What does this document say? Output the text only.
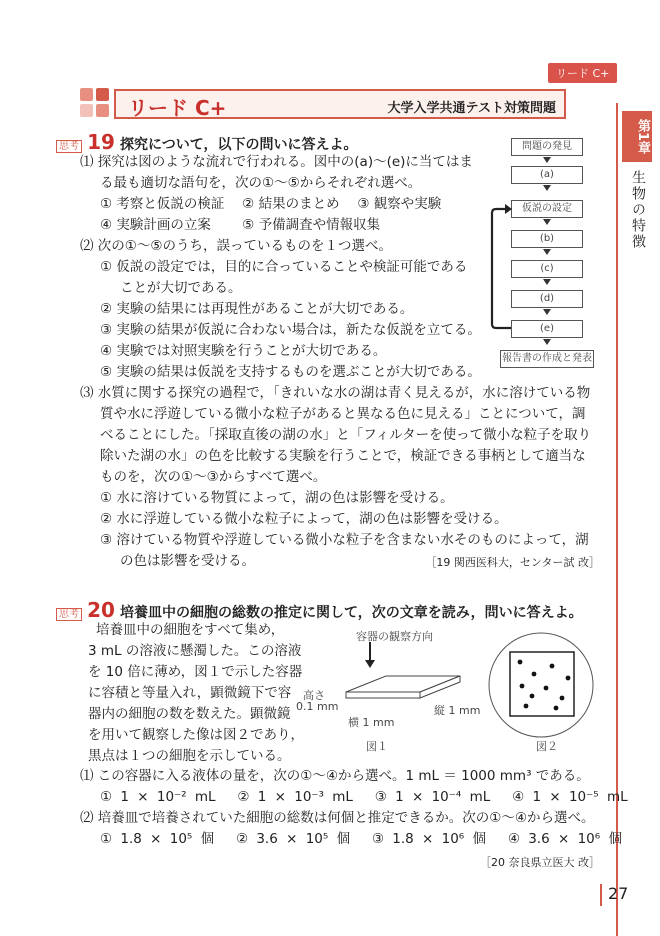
リード C+
リード C+	大学入学共通テスト対策問題
第1章
生物の特徴
思考 19 探究について，以下の問いに答えよ。
⑴ 探究は図のような流れで行われる。図中の(a)～(e)に当てはま
る最も適切な語句を，次の①～⑤からそれぞれ選べ。
① 考察と仮説の検証　 ② 結果のまとめ　 ③ 観察や実験
④ 実験計画の立案　　 ⑤ 予備調査や情報収集
⑵ 次の①～⑤のうち，誤っているものを１つ選べ。
① 仮説の設定では，目的に合っていることや検証可能である
ことが大切である。
② 実験の結果には再現性があることが大切である。
③ 実験の結果が仮説に合わない場合は，新たな仮説を立てる。
④ 実験では対照実験を行うことが大切である。
⑤ 実験の結果は仮説を支持するものを選ぶことが大切である。
⑶ 水質に関する探究の過程で，「きれいな水の湖は青く見えるが，水に溶けている物
質や水に浮遊している微小な粒子があると異なる色に見える」ことについて，調
べることにした。「採取直後の湖の水」と「フィルターを使って微小な粒子を取り
除いた湖の水」の色を比較する実験を行うことで，検証できる事柄として適当な
ものを，次の①～③からすべて選べ。
① 水に溶けている物質によって，湖の色は影響を受ける。
② 水に浮遊している微小な粒子によって，湖の色は影響を受ける。
③ 溶けている物質や浮遊している微小な粒子を含まない水そのものによって，湖
の色は影響を受ける。	［19 関西医科大，センター試 改］
問題の発見
(a)
仮説の設定
(b)
(c)
(d)
(e)
報告書の作成と発表
思考 20 培養皿中の細胞の総数の推定に関して，次の文章を読み，問いに答えよ。
培養皿中の細胞をすべて集め，
3 mL の溶液に懸濁した。この溶液
を 10 倍に薄め，図１で示した容器
に容積と等量入れ，顕微鏡下で容
器内の細胞の数を数えた。顕微鏡
を用いて観察した像は図２であり，
黒点は１つの細胞を示している。
容器の観察方向
高さ
0.1 mm
横 1 mm
縦 1 mm
図１	図２
⑴ この容器に入る液体の量を，次の①～④から選べ。1 mL ＝ 1000 mm³ である。
① 1 × 10⁻² mL　 ② 1 × 10⁻³ mL　 ③ 1 × 10⁻⁴ mL　 ④ 1 × 10⁻⁵ mL
⑵ 培養皿で培養されていた細胞の総数は何個と推定できるか。次の①～④から選べ。
① 1.8 × 10⁵ 個　 ② 3.6 × 10⁵ 個　 ③ 1.8 × 10⁶ 個　 ④ 3.6 × 10⁶ 個
［20 奈良県立医大 改］
27
